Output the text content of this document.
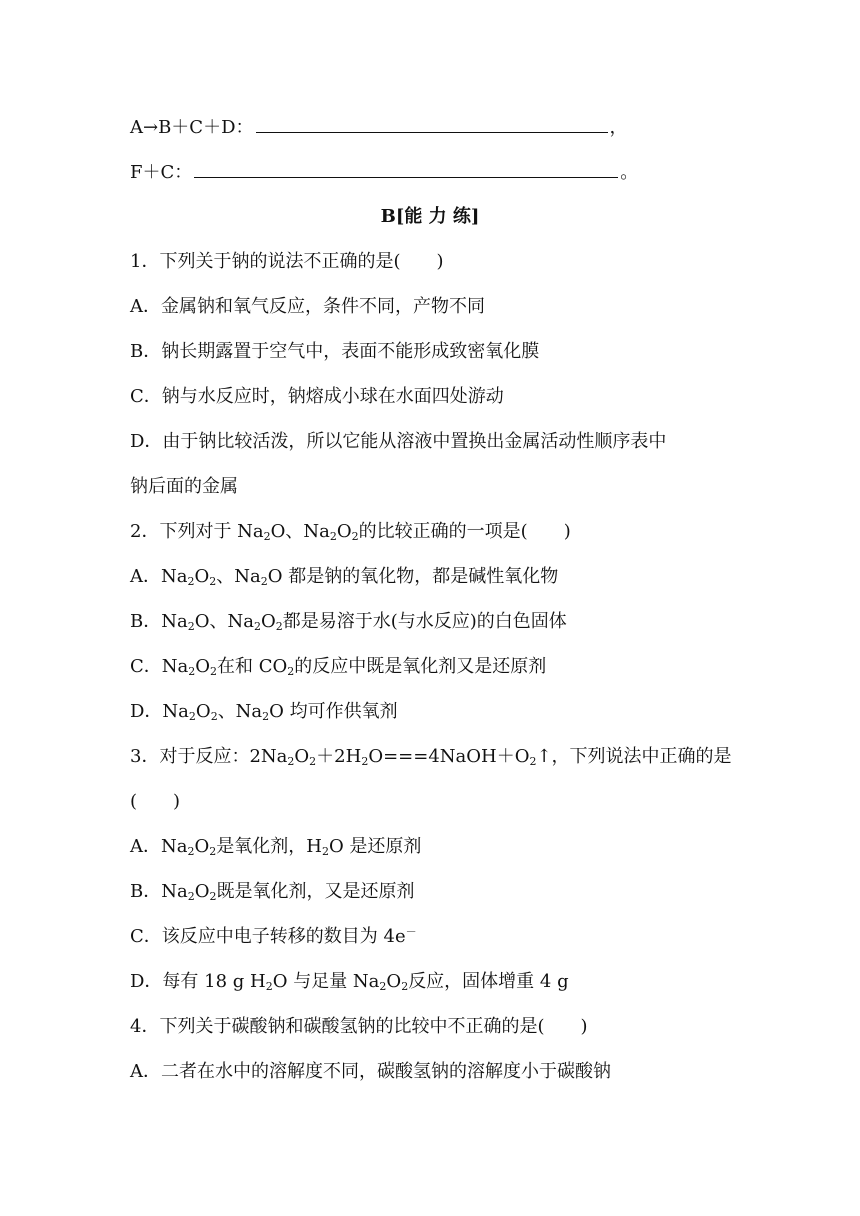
A→B＋C＋D：	，
F＋C：	。
B[能 力 练]
1．下列关于钠的说法不正确的是(　　)
A．金属钠和氧气反应，条件不同，产物不同
B．钠长期露置于空气中，表面不能形成致密氧化膜
C．钠与水反应时，钠熔成小球在水面四处游动
D．由于钠比较活泼，所以它能从溶液中置换出金属活动性顺序表中
钠后面的金属
2．下列对于 $Na_2O$、$Na_2O_2$的比较正确的一项是(　　)
A．$Na_2O_2$、$Na_2O$ 都是钠的氧化物，都是碱性氧化物
B．$Na_2O$、$Na_2O_2$都是易溶于水(与水反应)的白色固体
C．$Na_2O_2$在和 $CO_2$的反应中既是氧化剂又是还原剂
D．$Na_2O_2$、$Na_2O$ 均可作供氧剂
3．对于反应：$2Na_2O_2+2H_2O===4NaOH+O_2↑$，下列说法中正确的是
(　　)
A．$Na_2O_2$是氧化剂，$H_2O$ 是还原剂
B．$Na_2O_2$既是氧化剂，又是还原剂
C．该反应中电子转移的数目为 4e－
D．每有 18 g $H_2O$ 与足量 $Na_2O_2$反应，固体增重 4 g
4．下列关于碳酸钠和碳酸氢钠的比较中不正确的是(　　)
A．二者在水中的溶解度不同，碳酸氢钠的溶解度小于碳酸钠
